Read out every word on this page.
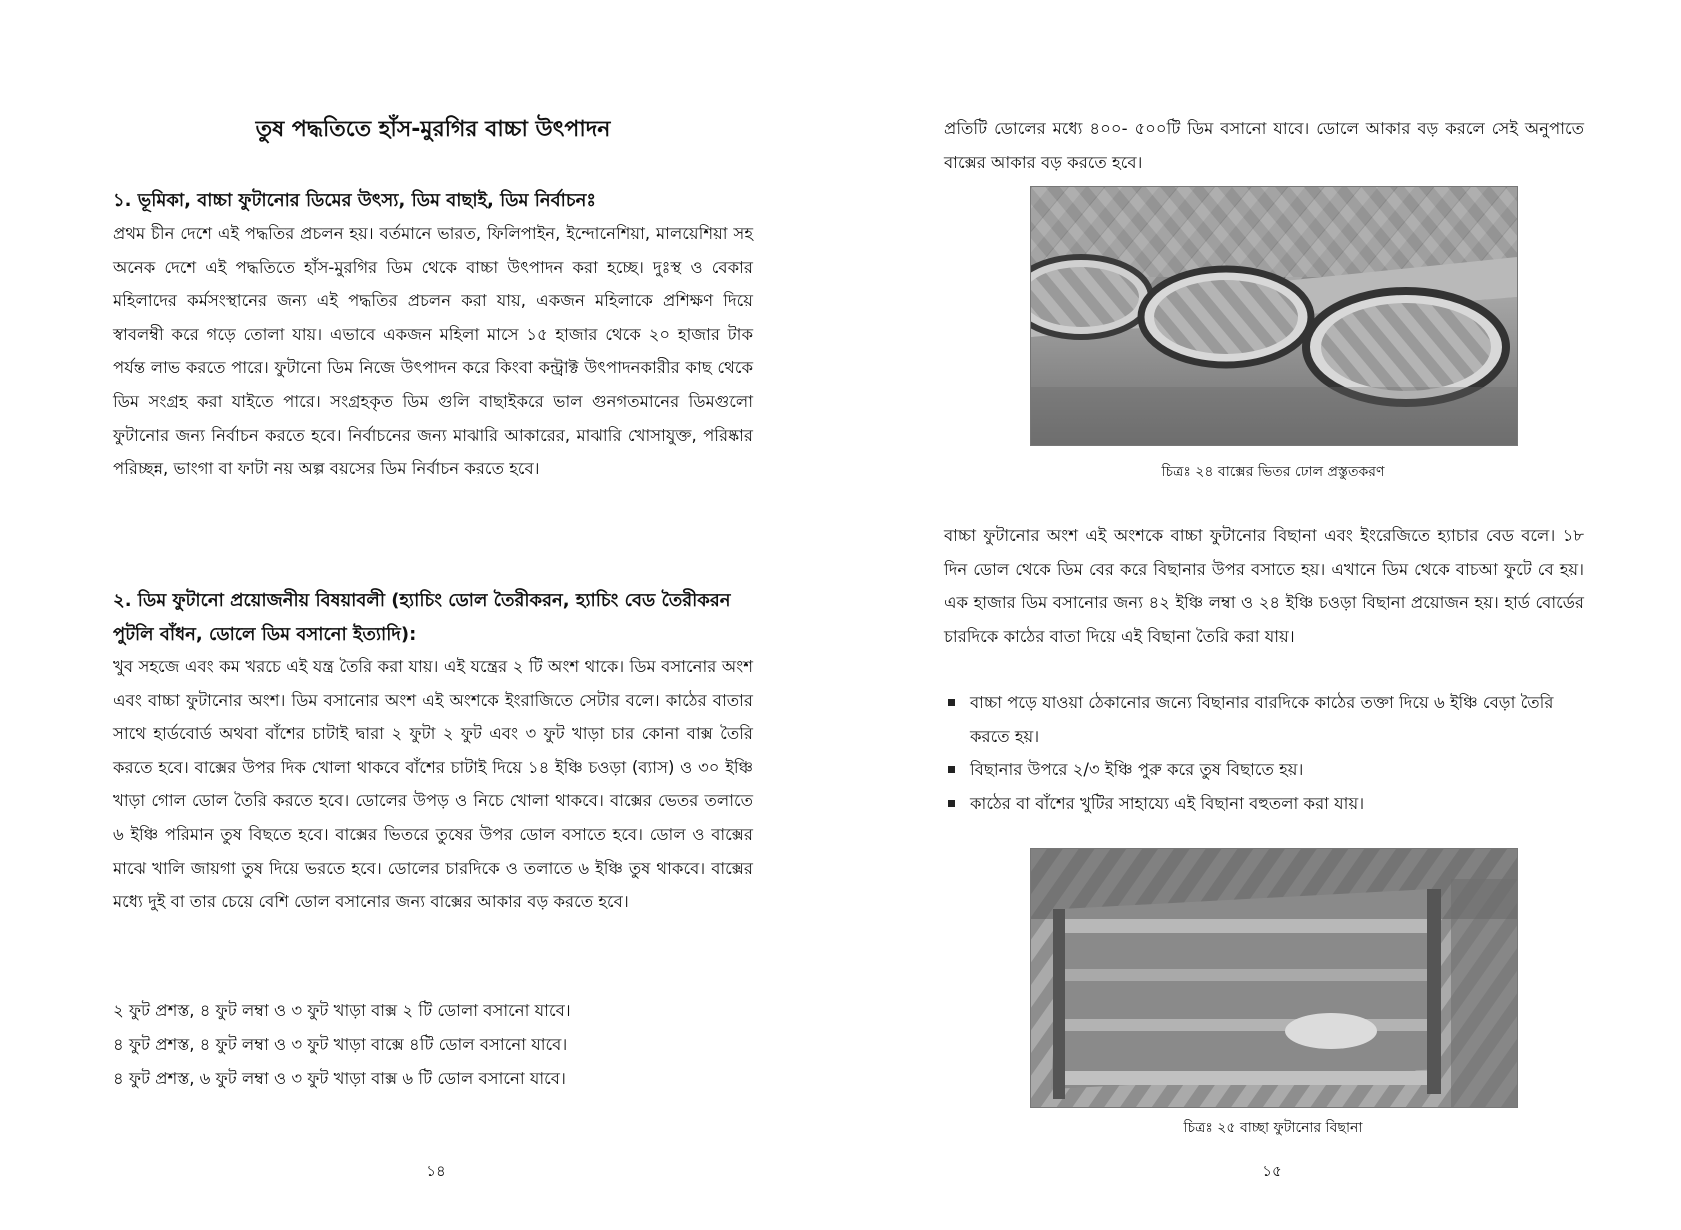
তুষ পদ্ধতিতে হাঁস-মুরগির বাচ্চা উৎপাদন
১. ভূমিকা, বাচ্চা ফুটানোর ডিমের উৎস্য, ডিম বাছাই, ডিম নির্বাচনঃ

প্রথম চীন দেশে এই পদ্ধতির প্রচলন হয়। বর্তমানে ভারত, ফিলিপাইন, ইন্দোনেশিয়া, মালয়েশিয়া সহ অনেক দেশে এই পদ্ধতিতে হাঁস-মুরগির ডিম থেকে বাচ্চা উৎপাদন করা হচ্ছে। দুঃস্থ ও বেকার মহিলাদের কর্মসংস্থানের জন্য এই পদ্ধতির প্রচলন করা যায়, একজন মহিলাকে প্রশিক্ষণ দিয়ে স্বাবলম্বী করে গড়ে তোলা যায়। এভাবে একজন মহিলা মাসে ১৫ হাজার থেকে ২০ হাজার টাক পর্যন্ত লাভ করতে পারে। ফুটানো ডিম নিজে উৎপাদন করে কিংবা কন্ট্রাক্ট উৎপাদনকারীর কাছ থেকে ডিম সংগ্রহ করা যাইতে পারে। সংগ্রহকৃত ডিম গুলি বাছাইকরে ভাল গুনগতমানের ডিমগুলো ফুটানোর জন্য নির্বাচন করতে হবে। নির্বাচনের জন্য মাঝারি আকারের, মাঝারি খোসাযুক্ত, পরিষ্কার পরিচ্ছন্ন, ভাংগা বা ফাটা নয় অল্প বয়সের ডিম নির্বাচন করতে হবে।

২. ডিম ফুটানো প্রয়োজনীয় বিষয়াবলী (হ্যাচিং ডোল তৈরীকরন, হ্যাচিং বেড তৈরীকরন পুটলি বাঁধন, ডোলে ডিম বসানো ইত্যাদি):

খুব সহজে এবং কম খরচে এই যন্ত্র তৈরি করা যায়। এই যন্ত্রের ২ টি অংশ থাকে। ডিম বসানোর অংশ এবং বাচ্চা ফুটানোর অংশ। ডিম বসানোর অংশ এই অংশকে ইংরাজিতে সেটার বলে। কাঠের বাতার সাথে হার্ডবোর্ড অথবা বাঁশের চাটাই দ্বারা ২ ফুটা ২ ফুট এবং ৩ ফুট খাড়া চার কোনা বাক্স তৈরি করতে হবে। বাক্সের উপর দিক খোলা থাকবে বাঁশের চাটাই দিয়ে ১৪ ইঞ্চি চওড়া (ব্যাস) ও ৩০ ইঞ্চি খাড়া গোল ডোল তৈরি করতে হবে। ডোলের উপড় ও নিচে খোলা থাকবে। বাক্সের ভেতর তলাতে ৬ ইঞ্চি পরিমান তুষ বিছতে হবে। বাক্সের ভিতরে তুষের উপর ডোল বসাতে হবে। ডোল ও বাক্সের মাঝে খালি জায়গা তুষ দিয়ে ভরতে হবে। ডোলের চারদিকে ও তলাতে ৬ ইঞ্চি তুষ থাকবে। বাক্সের মধ্যে দুই বা তার চেয়ে বেশি ডোল বসানোর জন্য বাক্সের আকার বড় করতে হবে।

২ ফুট প্রশস্ত, ৪ ফুট লম্বা ও ৩ ফুট খাড়া বাক্স ২ টি ডোলা বসানো যাবে।

৪ ফুট প্রশস্ত, ৪ ফুট লম্বা ও ৩ ফুট খাড়া বাক্সে ৪টি ডোল বসানো যাবে।

৪ ফুট প্রশস্ত, ৬ ফুট লম্বা ও ৩ ফুট খাড়া বাক্স ৬ টি ডোল বসানো যাবে।

১৪

প্রতিটি ডোলের মধ্যে ৪০০- ৫০০টি ডিম বসানো যাবে। ডোলে আকার বড় করলে সেই অনুপাতে বাক্সের আকার বড় করতে হবে।

চিত্রঃ ২৪ বাক্সের ভিতর ঢোল প্রস্তুতকরণ

বাচ্চা ফুটানোর অংশ এই অংশকে বাচ্চা ফুটানোর বিছানা এবং ইংরেজিতে হ্যাচার বেড বলে। ১৮ দিন ডোল থেকে ডিম বের করে বিছানার উপর বসাতে হয়। এখানে ডিম থেকে বাচআ ফুটে বে হয়। এক হাজার ডিম বসানোর জন্য ৪২ ইঞ্চি লম্বা ও ২৪ ইঞ্চি চওড়া বিছানা প্রয়োজন হয়। হার্ড বোর্ডের চারদিকে কাঠের বাতা দিয়ে এই বিছানা তৈরি করা যায়।

বাচ্চা পড়ে যাওয়া ঠেকানোর জন্যে বিছানার বারদিকে কাঠের তক্তা দিয়ে ৬ ইঞ্চি বেড়া তৈরি করতে হয়।
বিছানার উপরে ২/৩ ইঞ্চি পুরু করে তুষ বিছাতে হয়।
কাঠের বা বাঁশের খুটির সাহায্যে এই বিছানা বহুতলা করা যায়।

চিত্রঃ ২৫ বাচ্ছা ফুটানোর বিছানা

১৫
